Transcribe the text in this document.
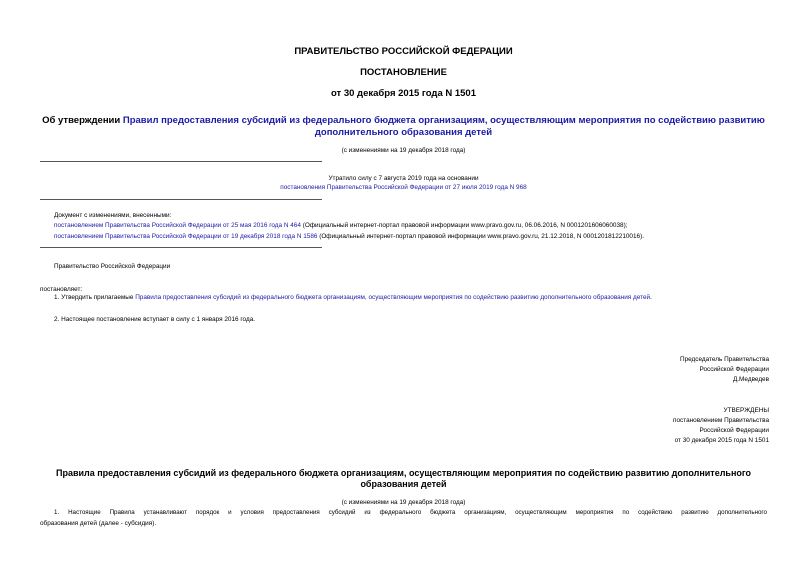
ПРАВИТЕЛЬСТВО РОССИЙСКОЙ ФЕДЕРАЦИИ
ПОСТАНОВЛЕНИЕ
от 30 декабря 2015 года N 1501
Об утверждении Правил предоставления субсидий из федерального бюджета организациям, осуществляющим мероприятия по содействию развитию
дополнительного образования детей
(с изменениями на 19 декабря 2018 года)
Утратило силу с 7 августа 2019 года на основании
постановления Правительства Российской Федерации от 27 июля 2019 года N 968
Документ с изменениями, внесенными:
постановлением Правительства Российской Федерации от 25 мая 2016 года N 464 (Официальный интернет-портал правовой информации www.pravo.gov.ru, 06.06.2016, N 0001201606060038);
постановлением Правительства Российской Федерации от 19 декабря 2018 года N 1586 (Официальный интернет-портал правовой информации www.pravo.gov.ru, 21.12.2018, N 0001201812210016).
Правительство Российской Федерации
постановляет:
1. Утвердить прилагаемые Правила предоставления субсидий из федерального бюджета организациям, осуществляющим мероприятия по содействию развитию дополнительного образования детей.
2. Настоящее постановление вступает в силу с 1 января 2016 года.
Председатель Правительства
Российской Федерации
Д.Медведев
УТВЕРЖДЕНЫ
постановлением Правительства
Российской Федерации
от 30 декабря 2015 года N 1501
Правила предоставления субсидий из федерального бюджета организациям, осуществляющим мероприятия по содействию развитию дополнительного
образования детей
(с изменениями на 19 декабря 2018 года)
1. Настоящие Правила устанавливают порядок и условия предоставления субсидий из федерального бюджета организациям, осуществляющим мероприятия по содействию развитию дополнительного
образования детей (далее - субсидия).
